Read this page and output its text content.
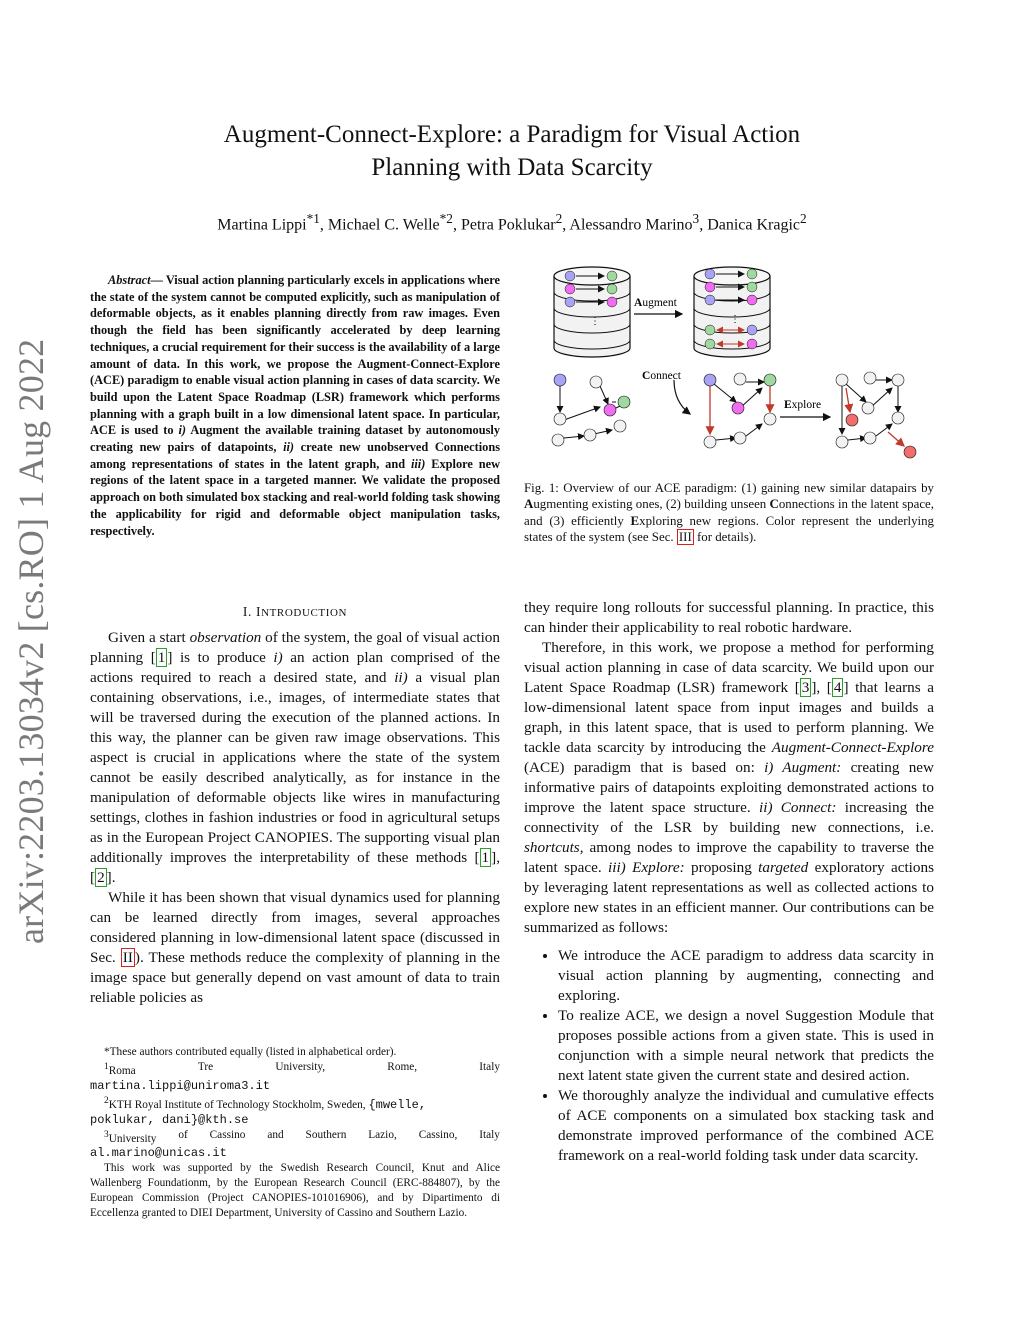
Augment-Connect-Explore: a Paradigm for Visual Action
Planning with Data Scarcity
Martina Lippi$^{*1}$, Michael C. Welle$^{*2}$, Petra Poklukar$^2$, Alessandro Marino$^3$, Danica Kragic$^2$
arXiv:2203.13034v2 [cs.RO] 1 Aug 2022
Abstract— Visual action planning particularly excels in applications where the state of the system cannot be computed explicitly, such as manipulation of deformable objects, as it enables planning directly from raw images. Even though the field has been significantly accelerated by deep learning techniques, a crucial requirement for their success is the availability of a large amount of data. In this work, we propose the Augment-Connect-Explore (ACE) paradigm to enable visual action planning in cases of data scarcity. We build upon the Latent Space Roadmap (LSR) framework which performs planning with a graph built in a low dimensional latent space. In particular, ACE is used to i) Augment the available training dataset by autonomously creating new pairs of datapoints, ii) create new unobserved Connections among representations of states in the latent graph, and iii) Explore new regions of the latent space in a targeted manner. We validate the proposed approach on both simulated box stacking and real-world folding task showing the applicability for rigid and deformable object manipulation tasks, respectively.
I. INTRODUCTION

Given a start observation of the system, the goal of visual action planning [ 1 ] is to produce i) an action plan comprised of the actions required to reach a desired state, and ii) a visual plan containing observations, i.e., images, of intermediate states that will be traversed during the execution of the planned actions. In this way, the planner can be given raw image observations. This aspect is crucial in applications where the state of the system cannot be easily described analytically, as for instance in the manipulation of deformable objects like wires in manufacturing settings, clothes in fashion industries or food in agricultural setups as in the European Project CANOPIES. The supporting visual plan additionally improves the interpretability of these methods [ 1 ], [ 2 ].

While it has been shown that visual dynamics used for planning can be learned directly from images, several approaches considered planning in low-dimensional latent space (discussed in Sec. II ). These methods reduce the complexity of planning in the image space but generally depend on vast amount of data to train reliable policies as

*These authors contributed equally (listed in alphabetical order).
$^1$Roma	Tre	University,	Rome,	Italy
martina.lippi@uniroma3.it
$^2$KTH Royal Institute of Technology Stockholm, Sweden, {mwelle,
poklukar, dani}@kth.se
$^3$University of Cassino and Southern Lazio, Cassino, Italy
al.marino@unicas.it
This work was supported by the Swedish Research Council, Knut and Alice Wallenberg Foundationm, by the European Research Council (ERC-884807), by the European Commission (Project CANOPIES-101016906), and by Dipartimento di Eccellenza granted to DIEI Department, University of Cassino and Southern Lazio.
⋮
Augment
⋮
Connect
Explore
Fig. 1: Overview of our ACE paradigm: (1) gaining new similar datapairs by Augmenting existing ones, (2) building unseen Connections in the latent space, and (3) efficiently Exploring new regions. Color represent the underlying states of the system (see Sec. III for details).

they require long rollouts for successful planning. In practice, this can hinder their applicability to real robotic hardware.

Therefore, in this work, we propose a method for performing visual action planning in case of data scarcity. We build upon our Latent Space Roadmap (LSR) framework [ 3 ], [ 4 ] that learns a low-dimensional latent space from input images and builds a graph, in this latent space, that is used to perform planning. We tackle data scarcity by introducing the Augment-Connect-Explore (ACE) paradigm that is based on: i) Augment: creating new informative pairs of datapoints exploiting demonstrated actions to improve the latent space structure. ii) Connect: increasing the connectivity of the LSR by building new connections, i.e. shortcuts, among nodes to improve the capability to traverse the latent space. iii) Explore: proposing targeted exploratory actions by leveraging latent representations as well as collected actions to explore new states in an efficient manner. Our contributions can be summarized as follows:

• We introduce the ACE paradigm to address data scarcity in visual action planning by augmenting, connecting and exploring.
• To realize ACE, we design a novel Suggestion Module that proposes possible actions from a given state. This is used in conjunction with a simple neural network that predicts the next latent state given the current state and desired action.
• We thoroughly analyze the individual and cumulative effects of ACE components on a simulated box stacking task and demonstrate improved performance of the combined ACE framework on a real-world folding task under data scarcity.
